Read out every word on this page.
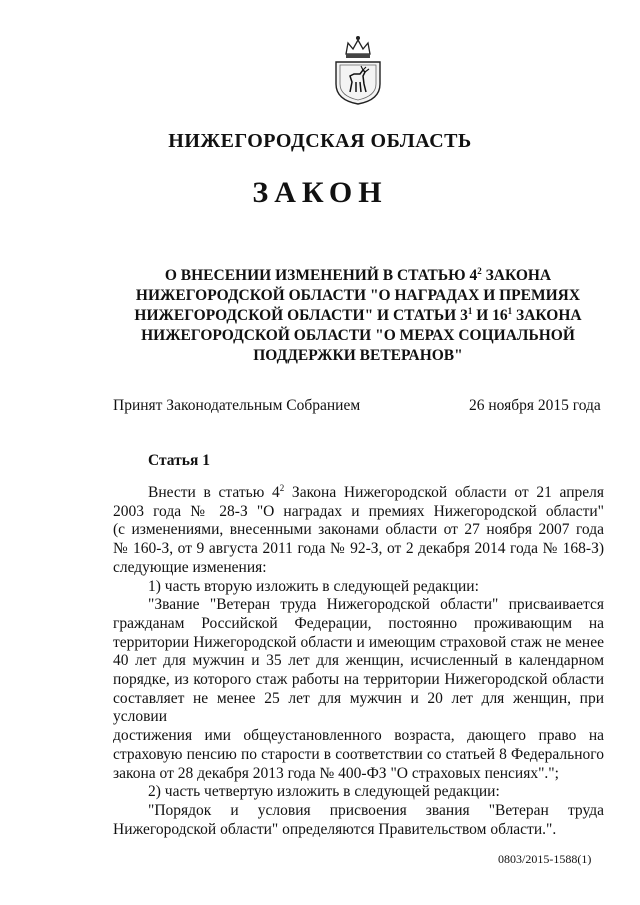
НИЖЕГОРОДСКАЯ ОБЛАСТЬ
ЗАКОН
О ВНЕСЕНИИ ИЗМЕНЕНИЙ В СТАТЬЮ $4^2$ ЗАКОНА
НИЖЕГОРОДСКОЙ ОБЛАСТИ "О НАГРАДАХ И ПРЕМИЯХ
НИЖЕГОРОДСКОЙ ОБЛАСТИ" И СТАТЬИ $3^1$ И $16^1$ ЗАКОНА
НИЖЕГОРОДСКОЙ ОБЛАСТИ "О МЕРАХ СОЦИАЛЬНОЙ
ПОДДЕРЖКИ ВЕТЕРАНОВ"
Принят Законодательным Собранием	26 ноября 2015 года
Статья 1
Внести в статью $4^2$ Закона Нижегородской области от 21 апреля
2003 года № 28-З "О наградах и премиях Нижегородской области"
(с изменениями, внесенными законами области от 27 ноября 2007 года
№ 160-З, от 9 августа 2011 года № 92-З, от 2 декабря 2014 года № 168-З)
следующие изменения:
1) часть вторую изложить в следующей редакции:
"Звание "Ветеран труда Нижегородской области" присваивается
гражданам Российской Федерации, постоянно проживающим на
территории Нижегородской области и имеющим страховой стаж не менее
40 лет для мужчин и 35 лет для женщин, исчисленный в календарном
порядке, из которого стаж работы на территории Нижегородской области
составляет не менее 25 лет для мужчин и 20 лет для женщин, при условии
достижения ими общеустановленного возраста, дающего право на
страховую пенсию по старости в соответствии со статьей 8 Федерального
закона от 28 декабря 2013 года № 400-ФЗ "О страховых пенсиях".";
2) часть четвертую изложить в следующей редакции:
"Порядок и условия присвоения звания "Ветеран труда
Нижегородской области" определяются Правительством области.".
0803/2015-1588(1)
